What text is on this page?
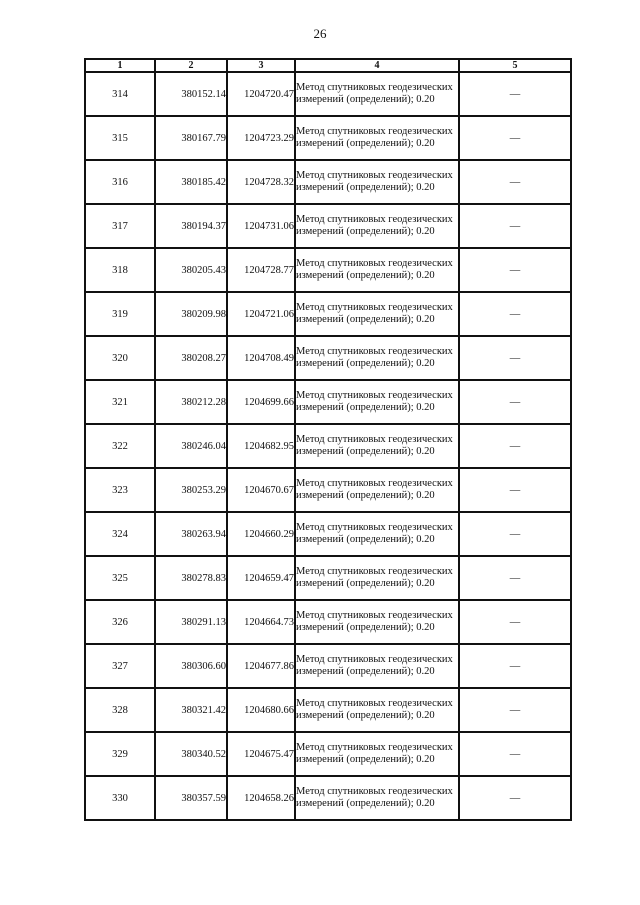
26
1	2	3	4	5
314	380152.14	1204720.47	Метод спутниковых геодезических измерений (определений); 0.20	—
315	380167.79	1204723.29	Метод спутниковых геодезических измерений (определений); 0.20	—
316	380185.42	1204728.32	Метод спутниковых геодезических измерений (определений); 0.20	—
317	380194.37	1204731.06	Метод спутниковых геодезических измерений (определений); 0.20	—
318	380205.43	1204728.77	Метод спутниковых геодезических измерений (определений); 0.20	—
319	380209.98	1204721.06	Метод спутниковых геодезических измерений (определений); 0.20	—
320	380208.27	1204708.49	Метод спутниковых геодезических измерений (определений); 0.20	—
321	380212.28	1204699.66	Метод спутниковых геодезических измерений (определений); 0.20	—
322	380246.04	1204682.95	Метод спутниковых геодезических измерений (определений); 0.20	—
323	380253.29	1204670.67	Метод спутниковых геодезических измерений (определений); 0.20	—
324	380263.94	1204660.29	Метод спутниковых геодезических измерений (определений); 0.20	—
325	380278.83	1204659.47	Метод спутниковых геодезических измерений (определений); 0.20	—
326	380291.13	1204664.73	Метод спутниковых геодезических измерений (определений); 0.20	—
327	380306.60	1204677.86	Метод спутниковых геодезических измерений (определений); 0.20	—
328	380321.42	1204680.66	Метод спутниковых геодезических измерений (определений); 0.20	—
329	380340.52	1204675.47	Метод спутниковых геодезических измерений (определений); 0.20	—
330	380357.59	1204658.26	Метод спутниковых геодезических измерений (определений); 0.20	—
